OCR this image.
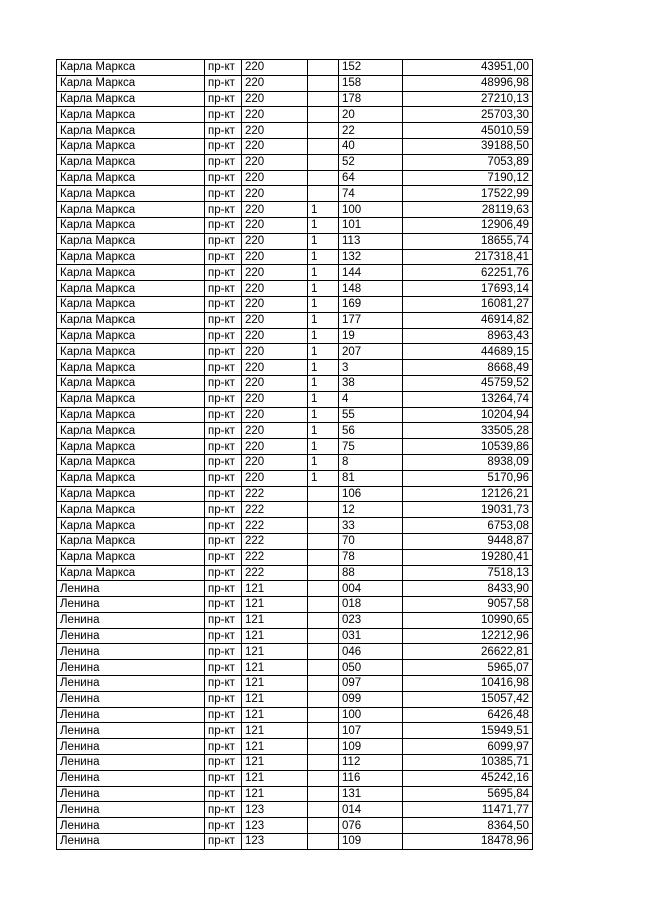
Карла Маркса	пр-кт	220		152	43951,00
Карла Маркса	пр-кт	220		158	48996,98
Карла Маркса	пр-кт	220		178	27210,13
Карла Маркса	пр-кт	220		20	25703,30
Карла Маркса	пр-кт	220		22	45010,59
Карла Маркса	пр-кт	220		40	39188,50
Карла Маркса	пр-кт	220		52	7053,89
Карла Маркса	пр-кт	220		64	7190,12
Карла Маркса	пр-кт	220		74	17522,99
Карла Маркса	пр-кт	220	1	100	28119,63
Карла Маркса	пр-кт	220	1	101	12906,49
Карла Маркса	пр-кт	220	1	113	18655,74
Карла Маркса	пр-кт	220	1	132	217318,41
Карла Маркса	пр-кт	220	1	144	62251,76
Карла Маркса	пр-кт	220	1	148	17693,14
Карла Маркса	пр-кт	220	1	169	16081,27
Карла Маркса	пр-кт	220	1	177	46914,82
Карла Маркса	пр-кт	220	1	19	8963,43
Карла Маркса	пр-кт	220	1	207	44689,15
Карла Маркса	пр-кт	220	1	3	8668,49
Карла Маркса	пр-кт	220	1	38	45759,52
Карла Маркса	пр-кт	220	1	4	13264,74
Карла Маркса	пр-кт	220	1	55	10204,94
Карла Маркса	пр-кт	220	1	56	33505,28
Карла Маркса	пр-кт	220	1	75	10539,86
Карла Маркса	пр-кт	220	1	8	8938,09
Карла Маркса	пр-кт	220	1	81	5170,96
Карла Маркса	пр-кт	222		106	12126,21
Карла Маркса	пр-кт	222		12	19031,73
Карла Маркса	пр-кт	222		33	6753,08
Карла Маркса	пр-кт	222		70	9448,87
Карла Маркса	пр-кт	222		78	19280,41
Карла Маркса	пр-кт	222		88	7518,13
Ленина	пр-кт	121		004	8433,90
Ленина	пр-кт	121		018	9057,58
Ленина	пр-кт	121		023	10990,65
Ленина	пр-кт	121		031	12212,96
Ленина	пр-кт	121		046	26622,81
Ленина	пр-кт	121		050	5965,07
Ленина	пр-кт	121		097	10416,98
Ленина	пр-кт	121		099	15057,42
Ленина	пр-кт	121		100	6426,48
Ленина	пр-кт	121		107	15949,51
Ленина	пр-кт	121		109	6099,97
Ленина	пр-кт	121		112	10385,71
Ленина	пр-кт	121		116	45242,16
Ленина	пр-кт	121		131	5695,84
Ленина	пр-кт	123		014	11471,77
Ленина	пр-кт	123		076	8364,50
Ленина	пр-кт	123		109	18478,96
